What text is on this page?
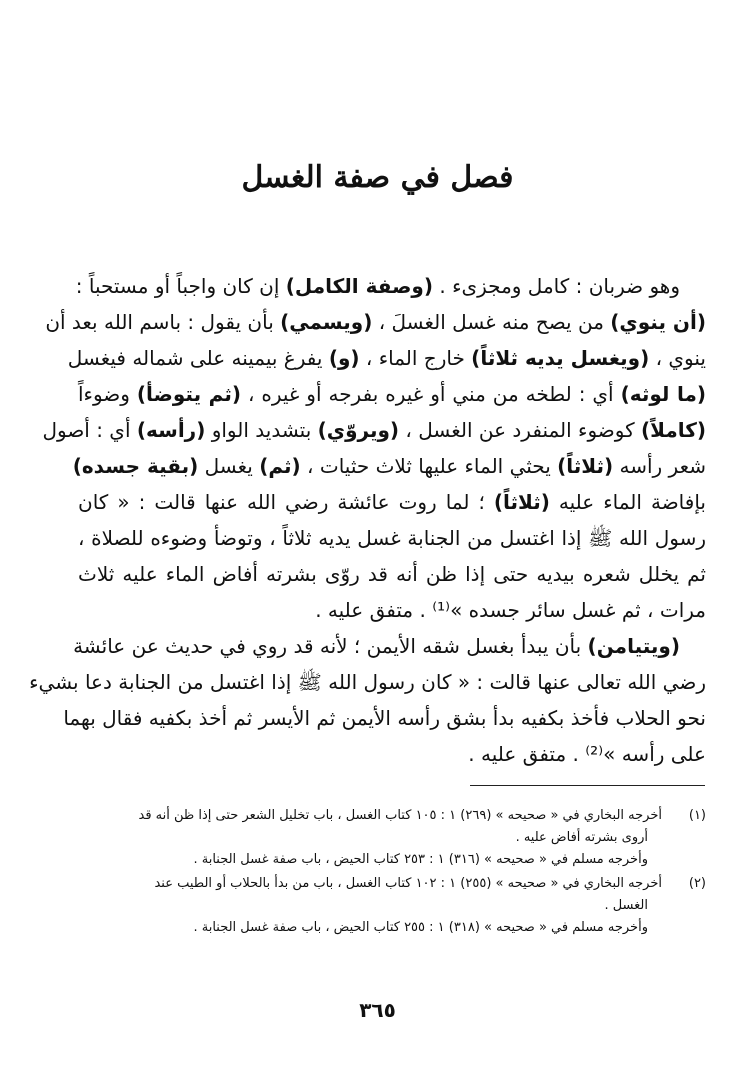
فصل في صفة الغسل
وهو ضربان : كامل ومجزىء . (وصفة الكامل) إن كان واجباً أو مستحباً :
(أن ينوي) من يصح منه غسل الغسلَ ، (ويسمي) بأن يقول : باسم الله بعد أن
ينوي ، (ويغسل يديه ثلاثاً) خارج الماء ، (و) يفرغ بيمينه على شماله فيغسل
(ما لوثه) أي : لطخه من مني أو غيره بفرجه أو غيره ، (ثم يتوضأ) وضوءاً
(كاملاً) كوضوء المنفرد عن الغسل ، (ويروّي) بتشديد الواو (رأسه) أي : أصول
شعر رأسه (ثلاثاً) يحثي الماء عليها ثلاث حثيات ، (ثم) يغسل (بقية جسده)
بإفاضة الماء عليه (ثلاثاً) ؛ لما روت عائشة رضي الله عنها قالت : « كان
رسول الله ﷺ إذا اغتسل من الجنابة غسل يديه ثلاثاً ، وتوضأ وضوءه للصلاة ،
ثم يخلل شعره بيديه حتى إذا ظن أنه قد روّى بشرته أفاض الماء عليه ثلاث
مرات ، ثم غسل سائر جسده »⁽¹⁾ . متفق عليه .
(ويتيامن) بأن يبدأ بغسل شقه الأيمن ؛ لأنه قد روي في حديث عن عائشة
رضي الله تعالى عنها قالت : « كان رسول الله ﷺ إذا اغتسل من الجنابة دعا بشيء
نحو الحلاب فأخذ بكفيه بدأ بشق رأسه الأيمن ثم الأيسر ثم أخذ بكفيه فقال بهما
على رأسه »⁽²⁾ . متفق عليه .
(١)
أخرجه البخاري في « صحيحه » (٢٦٩) ١ : ١٠٥ كتاب الغسل ، باب تخليل الشعر حتى إذا ظن أنه قد
أروى بشرته أفاض عليه .
وأخرجه مسلم في « صحيحه » (٣١٦) ١ : ٢٥٣ كتاب الحيض ، باب صفة غسل الجنابة .
(٢)
أخرجه البخاري في « صحيحه » (٢٥٥) ١ : ١٠٢ كتاب الغسل ، باب من بدأ بالحلاب أو الطيب عند
الغسل .
وأخرجه مسلم في « صحيحه » (٣١٨) ١ : ٢٥٥ كتاب الحيض ، باب صفة غسل الجنابة .
٣٦٥
